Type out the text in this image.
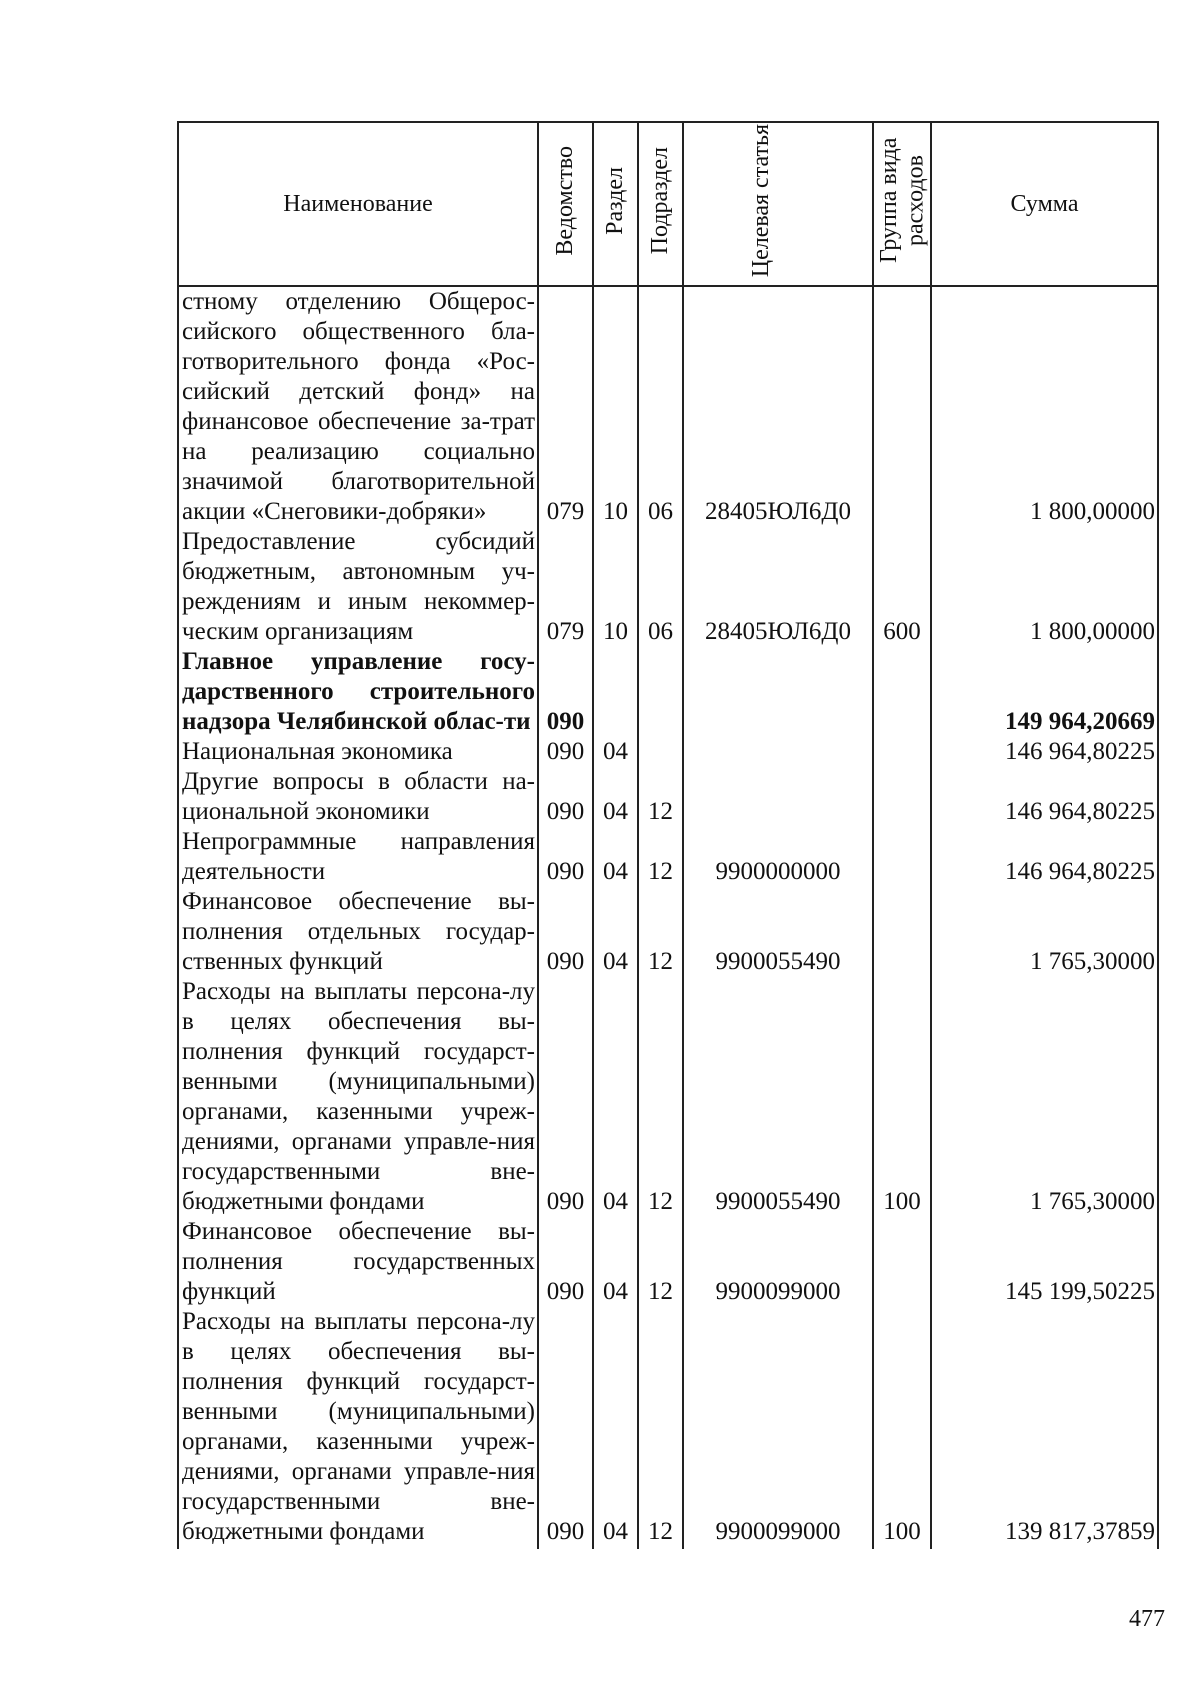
Наименование	Ведомство	Раздел	Подраздел	Целевая статья	Группа вида расходов	Сумма
стному отделению Общерос-сийского общественного бла-готворительного фонда «Рос-сийский детский фонд» на финансовое обеспечение за-трат на реализацию социально значимой благотворительной акции «Снеговики-добряки»	079	10	06	28405ЮЛ6Д0		1 800,00000
Предоставление субсидий бюджетным, автономным уч-реждениям и иным некоммер-ческим организациям	079	10	06	28405ЮЛ6Д0	600	1 800,00000
Главное управление госу-дарственного строительного надзора Челябинской облас-ти	090					149 964,20669
Национальная экономика	090	04				146 964,80225
Другие вопросы в области на-циональной экономики	090	04	12			146 964,80225
Непрограммные направления деятельности	090	04	12	9900000000		146 964,80225
Финансовое обеспечение вы-полнения отдельных государ-ственных функций	090	04	12	9900055490		1 765,30000
Расходы на выплаты персона-лу в целях обеспечения вы-полнения функций государст-венными (муниципальными) органами, казенными учреж-дениями, органами управле-ния государственными вне-бюджетными фондами	090	04	12	9900055490	100	1 765,30000
Финансовое обеспечение вы-полнения государственных функций	090	04	12	9900099000		145 199,50225
Расходы на выплаты персона-лу в целях обеспечения вы-полнения функций государст-венными (муниципальными) органами, казенными учреж-дениями, органами управле-ния государственными вне-бюджетными фондами	090	04	12	9900099000	100	139 817,37859
477
